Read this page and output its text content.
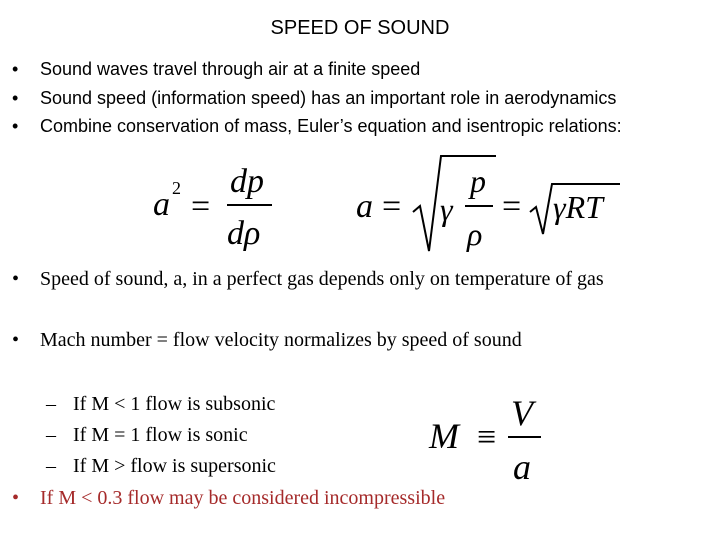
SPEED OF SOUND
• Sound waves travel through air at a finite speed
• Sound speed (information speed) has an important role in aerodynamics
• Combine conservation of mass, Euler’s equation and isentropic relations:
a 2 =
dp
dρ
a = γ
p
ρ
= γRT
• Speed of sound, a, in a perfect gas depends only on temperature of gas
• Mach number = flow velocity normalizes by speed of sound
– If M < 1 flow is subsonic
– If M = 1 flow is sonic
– If M > flow is supersonic
• If M < 0.3 flow may be considered incompressible
M ≡
V
a
